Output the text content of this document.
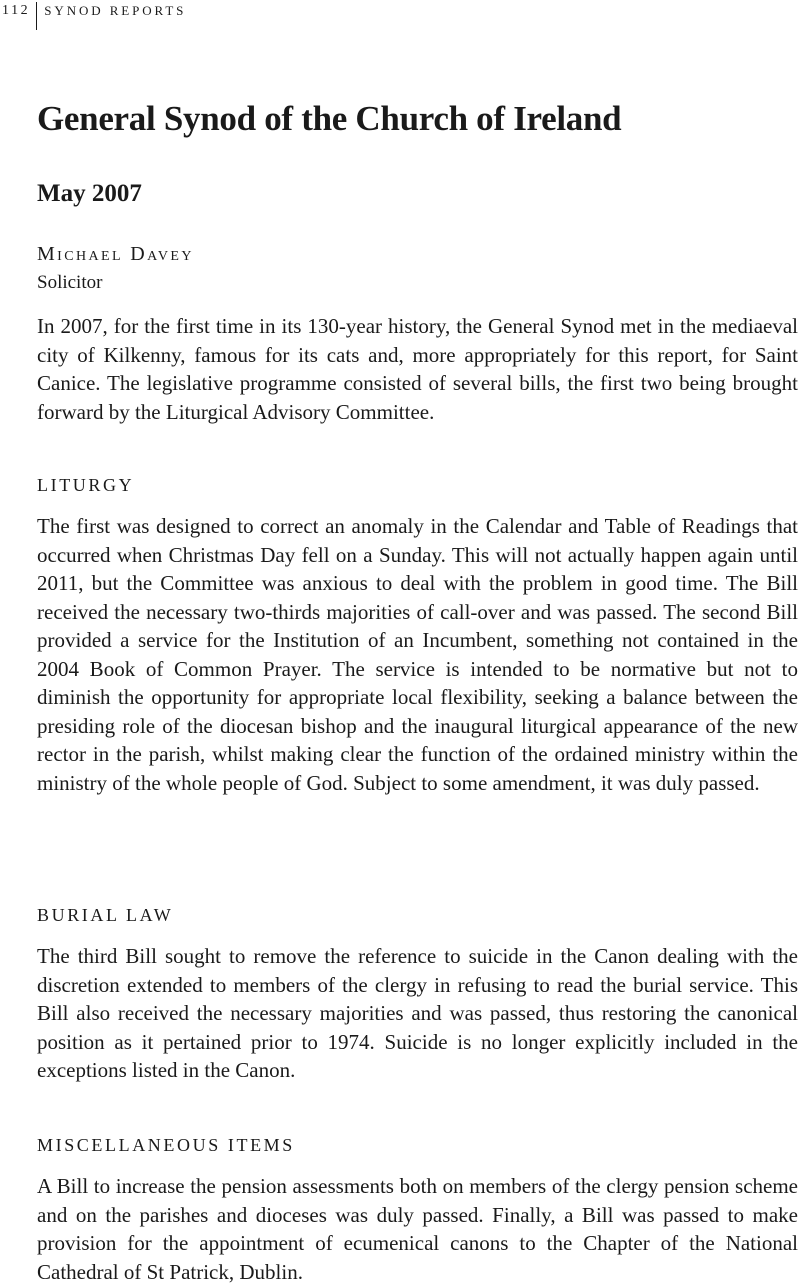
112	SYNOD REPORTS
General Synod of the Church of Ireland
May 2007
Michael Davey
Solicitor

In 2007, for the first time in its 130-year history, the General Synod met in the mediaeval city of Kilkenny, famous for its cats and, more appropriately for this report, for Saint Canice. The legislative programme consisted of several bills, the first two being brought forward by the Liturgical Advisory Committee.

LITURGY

The first was designed to correct an anomaly in the Calendar and Table of Readings that occurred when Christmas Day fell on a Sunday. This will not actually happen again until 2011, but the Committee was anxious to deal with the problem in good time. The Bill received the necessary two-thirds majorities of call-over and was passed. The second Bill provided a service for the Institution of an Incumbent, something not contained in the 2004 Book of Common Prayer. The service is intended to be normative but not to diminish the opportunity for appropriate local flexibility, seeking a balance between the presiding role of the diocesan bishop and the inaugural liturgical appearance of the new rector in the parish, whilst making clear the function of the ordained ministry within the ministry of the whole people of God. Subject to some amendment, it was duly passed.

BURIAL LAW

The third Bill sought to remove the reference to suicide in the Canon dealing with the discretion extended to members of the clergy in refusing to read the burial service. This Bill also received the necessary majorities and was passed, thus restoring the canonical position as it pertained prior to 1974. Suicide is no longer explicitly included in the exceptions listed in the Canon.

MISCELLANEOUS ITEMS

A Bill to increase the pension assessments both on members of the clergy pension scheme and on the parishes and dioceses was duly passed. Finally, a Bill was passed to make provision for the appointment of ecumenical canons to the Chapter of the National Cathedral of St Patrick, Dublin.
